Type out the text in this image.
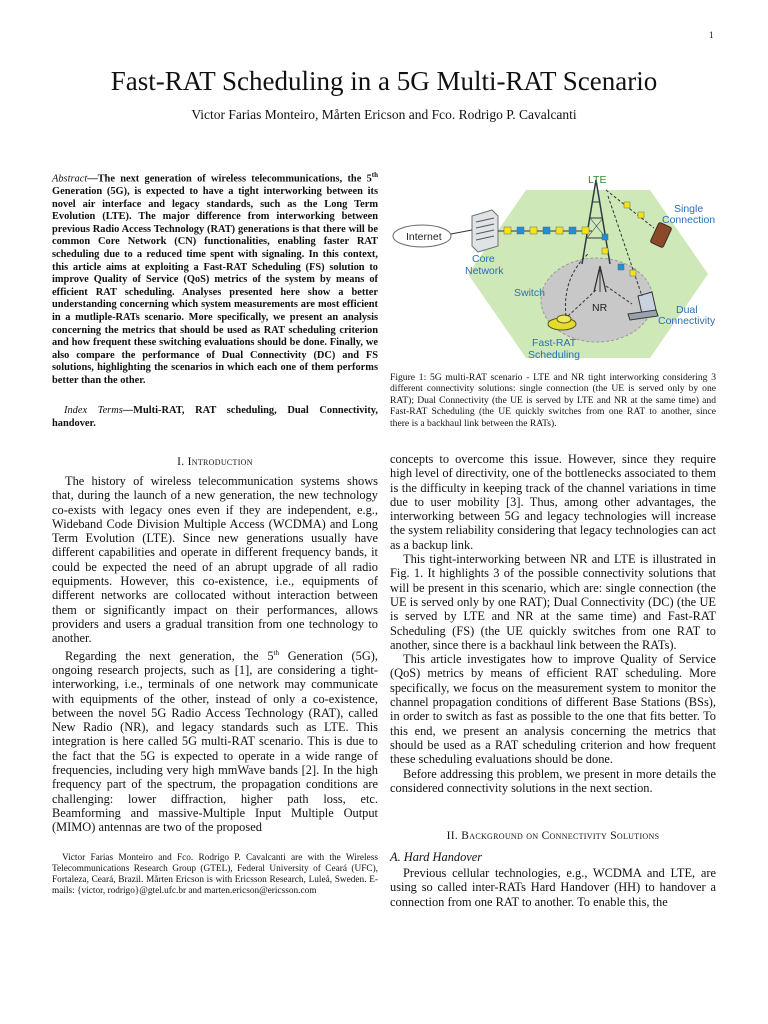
1
Fast-RAT Scheduling in a 5G Multi-RAT Scenario
Victor Farias Monteiro, Mårten Ericson and Fco. Rodrigo P. Cavalcanti
Abstract—The next generation of wireless telecommunications, the 5th Generation (5G), is expected to have a tight interworking between its novel air interface and legacy standards, such as the Long Term Evolution (LTE). The major difference from interworking between previous Radio Access Technology (RAT) generations is that there will be common Core Network (CN) functionalities, enabling faster RAT scheduling due to a reduced time spent with signaling. In this context, this article aims at exploiting a Fast-RAT Scheduling (FS) solution to improve Quality of Service (QoS) metrics of the system by means of efficient RAT scheduling. Analyses presented here show a better understanding concerning which system measurements are most efficient in a mutliple-RATs scenario. More specifically, we present an analysis concerning the metrics that should be used as RAT scheduling criterion and how frequent these switching evaluations should be done. Finally, we also compare the performance of Dual Connectivity (DC) and FS solutions, highlighting the scenarios in which each one of them performs better than the other.
Index Terms—Multi-RAT, RAT scheduling, Dual Connectivity, handover.
I. Introduction

The history of wireless telecommunication systems shows that, during the launch of a new generation, the new technology co-exists with legacy ones even if they are independent, e.g., Wideband Code Division Multiple Access (WCDMA) and Long Term Evolution (LTE). Since new generations usually have different capabilities and operate in different frequency bands, it could be expected the need of an abrupt upgrade of all radio equipments. However, this co-existence, i.e., equipments of different networks are collocated without interaction between them or significantly impact on their performances, allows providers and users a gradual transition from one technology to another.

Regarding the next generation, the 5th Generation (5G), ongoing research projects, such as [1], are considering a tight-interworking, i.e., terminals of one network may communicate with equipments of the other, instead of only a co-existence, between the novel 5G Radio Access Technology (RAT), called New Radio (NR), and legacy standards such as LTE. This integration is here called 5G multi-RAT scenario. This is due to the fact that the 5G is expected to operate in a wide range of frequencies, including very high mmWave bands [2]. In the high frequency part of the spectrum, the propagation conditions are challenging: lower diffraction, higher path loss, etc. Beamforming and massive-Multiple Input Multiple Output (MIMO) antennas are two of the proposed

Victor Farias Monteiro and Fco. Rodrigo P. Cavalcanti are with the Wireless Telecommunications Research Group (GTEL), Federal University of Ceará (UFC), Fortaleza, Ceará, Brazil. Mårten Ericson is with Ericsson Research, Luleå, Sweden. E-mails: {victor, rodrigo}@gtel.ufc.br and marten.ericson@ericsson.com

Internet
LTE
Core
Network
Switch
NR
Single
Connection
Dual
Connectivity
Fast-RAT
Scheduling
Figure 1: 5G multi-RAT scenario - LTE and NR tight interworking considering 3 different connectivity solutions: single connection (the UE is served only by one RAT); Dual Connectivity (the UE is served by LTE and NR at the same time) and Fast-RAT Scheduling (the UE quickly switches from one RAT to another, since there is a backhaul link between the RATs).

concepts to overcome this issue. However, since they require high level of directivity, one of the bottlenecks associated to them is the difficulty in keeping track of the channel variations in time due to user mobility [3]. Thus, among other advantages, the interworking between 5G and legacy technologies will increase the system reliability considering that legacy technologies can act as a backup link.

This tight-interworking between NR and LTE is illustrated in Fig. 1. It highlights 3 of the possible connectivity solutions that will be present in this scenario, which are: single connection (the UE is served only by one RAT); Dual Connectivity (DC) (the UE is served by LTE and NR at the same time) and Fast-RAT Scheduling (FS) (the UE quickly switches from one RAT to another, since there is a backhaul link between the RATs).

This article investigates how to improve Quality of Service (QoS) metrics by means of efficient RAT scheduling. More specifically, we focus on the measurement system to monitor the channel propagation conditions of different Base Stations (BSs), in order to switch as fast as possible to the one that fits better. To this end, we present an analysis concerning the metrics that should be used as a RAT scheduling criterion and how frequent these scheduling evaluations should be done.

Before addressing this problem, we present in more details the considered connectivity solutions in the next section.

II. Background on Connectivity Solutions
A. Hard Handover

Previous cellular technologies, e.g., WCDMA and LTE, are using so called inter-RATs Hard Handover (HH) to handover a connection from one RAT to another. To enable this, the
